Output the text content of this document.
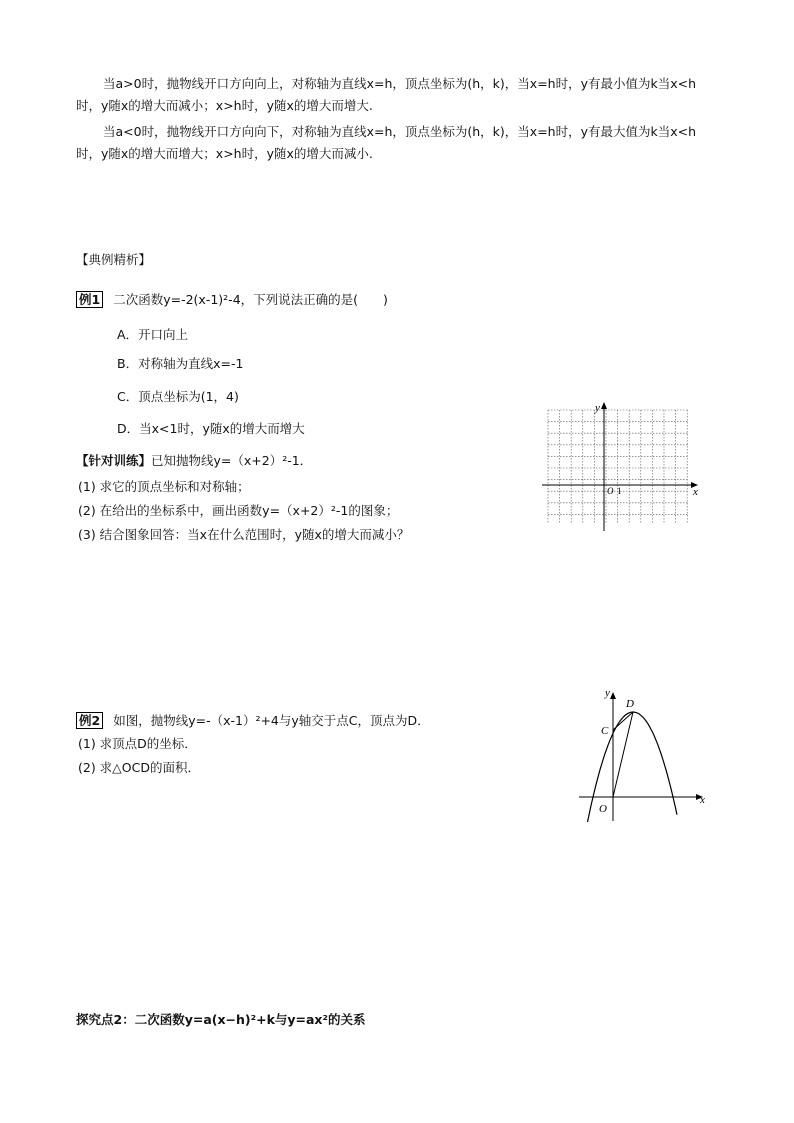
当a>0时，抛物线开口方向向上，对称轴为直线x=h，顶点坐标为(h，k)，当x=h时，y有最小值为k当x<h时，y随x的增大而减小；x>h时，y随x的增大而增大.

当a<0时，抛物线开口方向向下，对称轴为直线x=h，顶点坐标为(h，k)，当x=h时，y有最大值为k当x<h时，y随x的增大而增大；x>h时，y随x的增大而减小.

【典例精析】
例1 二次函数y=-2(x-1)²-4，下列说法正确的是(　　)
A．开口向上
B．对称轴为直线x=-1
C．顶点坐标为(1，4)
D．当x<1时，y随x的增大而增大
【针对训练】已知抛物线y=（x+2）²-1．
(1) 求它的顶点坐标和对称轴；
(2) 在给出的坐标系中，画出函数y=（x+2）²-1的图象；
(3) 结合图象回答：当x在什么范围时，y随x的增大而减小？
x
y
O 1
例2 如图，抛物线y=-（x-1）²+4与y轴交于点C，顶点为D．
(1) 求顶点D的坐标．
(2) 求△OCD的面积．
x
y
O
C
D
探究点2：二次函数y=a(x−h)²+k与y=ax²的关系
